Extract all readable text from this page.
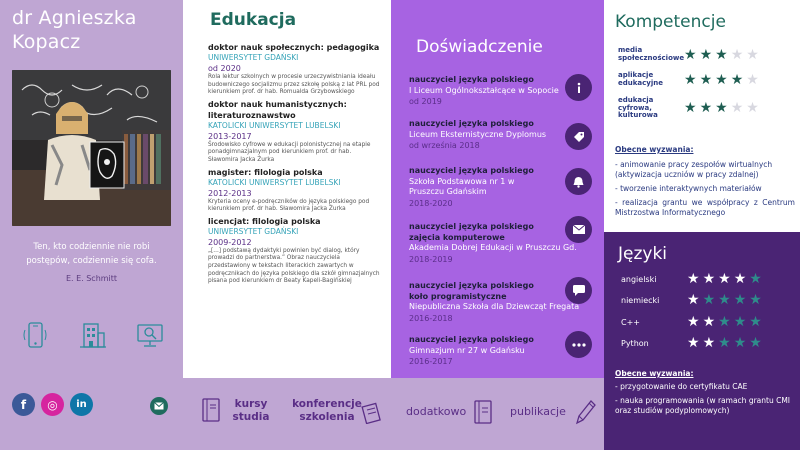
dr Agnieszka
Kopacz
Ten, kto codziennie nie robi postępów, codziennie się cofa.
E. E. Schmitt
f	◎	in
Edukacja
doktor nauk społecznych: pedagogika
UNIWERSYTET GDAŃSKI
od 2020
Rola lektur szkolnych w procesie urzeczywistniania ideału budowniczego socjalizmu przez szkołę polską z lat PRL pod kierunkiem prof. dr hab. Romualda Grzybowskiego
doktor nauk humanistycznych: literaturoznawstwo
KATOLICKI UNIWERSYTET LUBELSKI
2013-2017
Środowisko cyfrowe w edukacji polonistycznej na etapie ponadgimnazjalnym pod kierunkiem prof. dr hab. Sławomira Jacka Żurka
magister: filologia polska
KATOLICKI UNIWERSYTET LUBELSKI
2012-2013
Kryteria oceny e-podręczników do języka polskiego pod kierunkiem prof. dr hab. Sławomira Jacka Żurka
licencjat: filologia polska
UNIWERSYTET GDAŃSKI
2009-2012
„[...] podstawą dydaktyki powinien być dialog, który prowadzi do partnerstwa.” Obraz nauczyciela przedstawiony w tekstach literackich zawartych w podręcznikach do języka polskiego dla szkół gimnazjalnych pisana pod kierunkiem dr Beaty Kapeli-Bagińskiej
kursy studia
konferencje szkolenia
Doświadczenie
nauczyciel języka polskiego
I Liceum Ogólnokształcące w Sopocie
od 2019
nauczyciel języka polskiego
Liceum Eksternistyczne Dyplomus
od września 2018
nauczyciel języka polskiego
Szkoła Podstawowa nr 1 w Pruszczu Gdańskim
2018-2020
nauczyciel języka polskiego zajęcia komputerowe
Akademia Dobrej Edukacji w Pruszczu Gd.
2018-2019
nauczyciel języka polskiego koło programistyczne
Niepubliczna Szkoła dla Dziewcząt Fregata
2016-2018
nauczyciel języka polskiego
Gimnazjum nr 27 w Gdańsku
2016-2017
dodatkowo	publikacje
Kompetencje
media społecznościowe ★ ★ ★ ★ ★
aplikacje edukacyjne	★ ★ ★ ★ ★
edukacja cyfrowa, kulturowa	★ ★ ★ ★ ★
Obecne wyzwania:
- animowanie pracy zespołów wirtualnych (aktywizacja uczniów w pracy zdalnej)
- tworzenie interaktywnych materiałów
- realizacja grantu we współpracy z Centrum Mistrzostwa Informatycznego
Języki
angielski	★ ★ ★ ★ ★
niemiecki	★ ★ ★ ★ ★
C++	★ ★ ★ ★ ★
Python	★ ★ ★ ★ ★
Obecne wyzwania:
- przygotowanie do certyfikatu CAE
- nauka programowania (w ramach grantu CMI oraz studiów podyplomowych)
